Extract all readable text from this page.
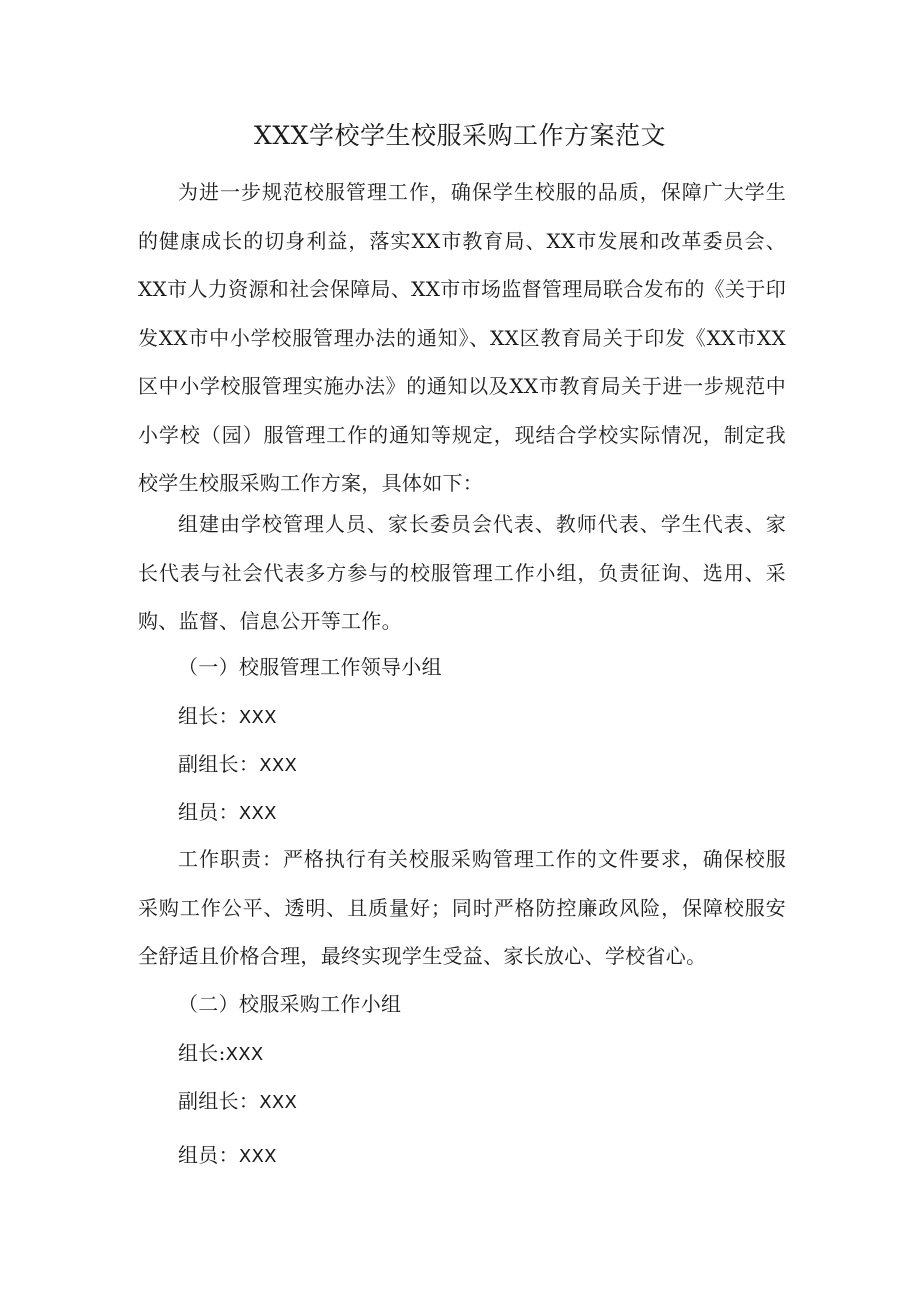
XXX学校学生校服采购工作方案范文

为进一步规范校服管理工作，确保学生校服的品质，保障广大学生的健康成长的切身利益，落实XX市教育局、XX市发展和改革委员会、XX市人力资源和社会保障局、XX市市场监督管理局联合发布的《关于印发XX市中小学校服管理办法的通知》、XX区教育局关于印发《XX市XX区中小学校服管理实施办法》的通知以及XX市教育局关于进一步规范中小学校（园）服管理工作的通知等规定，现结合学校实际情况，制定我校学生校服采购工作方案，具体如下：

组建由学校管理人员、家长委员会代表、教师代表、学生代表、家长代表与社会代表多方参与的校服管理工作小组，负责征询、选用、采购、监督、信息公开等工作。

（一）校服管理工作领导小组
组长：XXX
副组长：XXX
组员：XXX

工作职责：严格执行有关校服采购管理工作的文件要求，确保校服采购工作公平、透明、且质量好；同时严格防控廉政风险，保障校服安全舒适且价格合理，最终实现学生受益、家长放心、学校省心。

（二）校服采购工作小组
组长:XXX
副组长：XXX
组员：XXX
